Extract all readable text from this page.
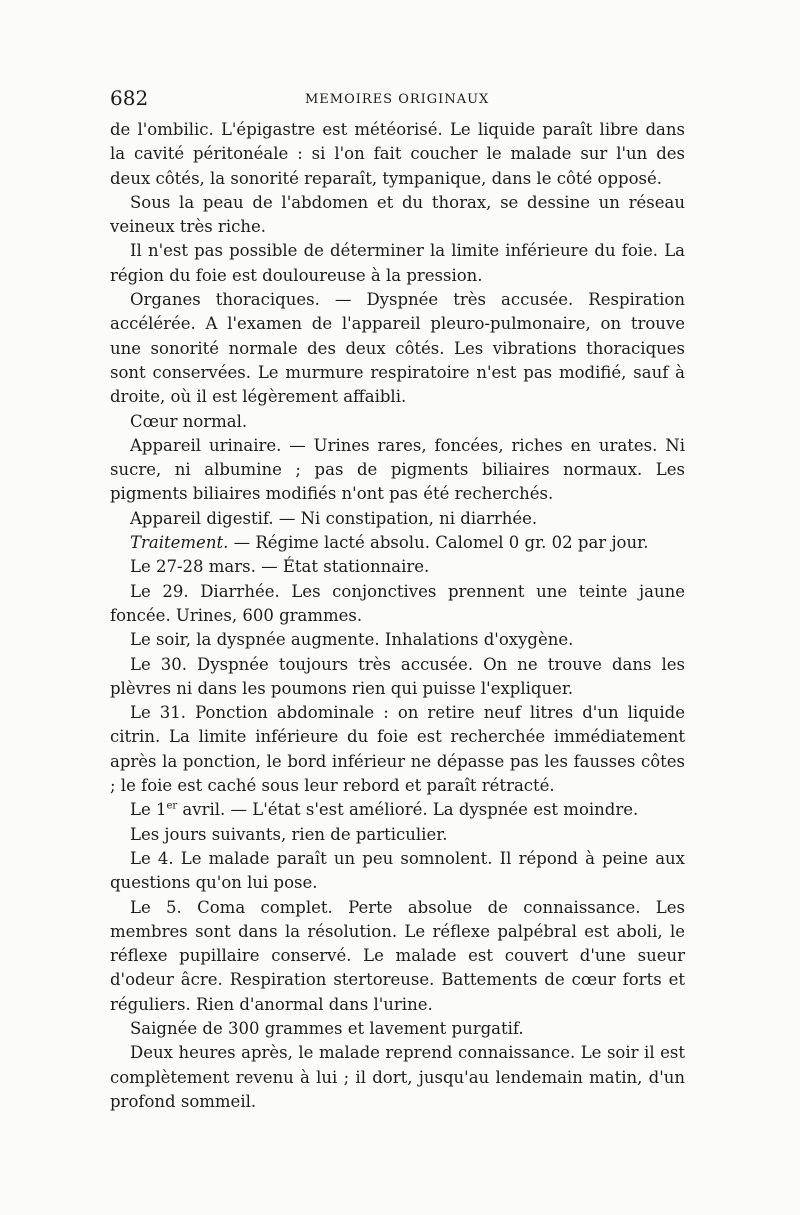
682	MEMOIRES ORIGINAUX

de l'ombilic. L'épigastre est météorisé. Le liquide paraît libre dans la cavité péritonéale : si l'on fait coucher le malade sur l'un des deux côtés, la sonorité reparaît, tympanique, dans le côté opposé.

Sous la peau de l'abdomen et du thorax, se dessine un réseau veineux très riche.

Il n'est pas possible de déterminer la limite inférieure du foie. La région du foie est douloureuse à la pression.

Organes thoraciques. — Dyspnée très accusée. Respiration accélérée. A l'examen de l'appareil pleuro-pulmonaire, on trouve une sonorité normale des deux côtés. Les vibrations thoraciques sont conservées. Le murmure respiratoire n'est pas modifié, sauf à droite, où il est légèrement affaibli.

Cœur normal.

Appareil urinaire. — Urines rares, foncées, riches en urates. Ni sucre, ni albumine ; pas de pigments biliaires normaux. Les pigments biliaires modifiés n'ont pas été recherchés.

Appareil digestif. — Ni constipation, ni diarrhée.

Traitement. — Régime lacté absolu. Calomel 0 gr. 02 par jour.

Le 27-28 mars. — État stationnaire.

Le 29. Diarrhée. Les conjonctives prennent une teinte jaune foncée. Urines, 600 grammes.

Le soir, la dyspnée augmente. Inhalations d'oxygène.

Le 30. Dyspnée toujours très accusée. On ne trouve dans les plèvres ni dans les poumons rien qui puisse l'expliquer.

Le 31. Ponction abdominale : on retire neuf litres d'un liquide citrin. La limite inférieure du foie est recherchée immédiatement après la ponction, le bord inférieur ne dépasse pas les fausses côtes ; le foie est caché sous leur rebord et paraît rétracté.

Le 1er avril. — L'état s'est amélioré. La dyspnée est moindre.

Les jours suivants, rien de particulier.

Le 4. Le malade paraît un peu somnolent. Il répond à peine aux questions qu'on lui pose.

Le 5. Coma complet. Perte absolue de connaissance. Les membres sont dans la résolution. Le réflexe palpébral est aboli, le réflexe pupillaire conservé. Le malade est couvert d'une sueur d'odeur âcre. Respiration stertoreuse. Battements de cœur forts et réguliers. Rien d'anormal dans l'urine.

Saignée de 300 grammes et lavement purgatif.

Deux heures après, le malade reprend connaissance. Le soir il est complètement revenu à lui ; il dort, jusqu'au lendemain matin, d'un profond sommeil.
